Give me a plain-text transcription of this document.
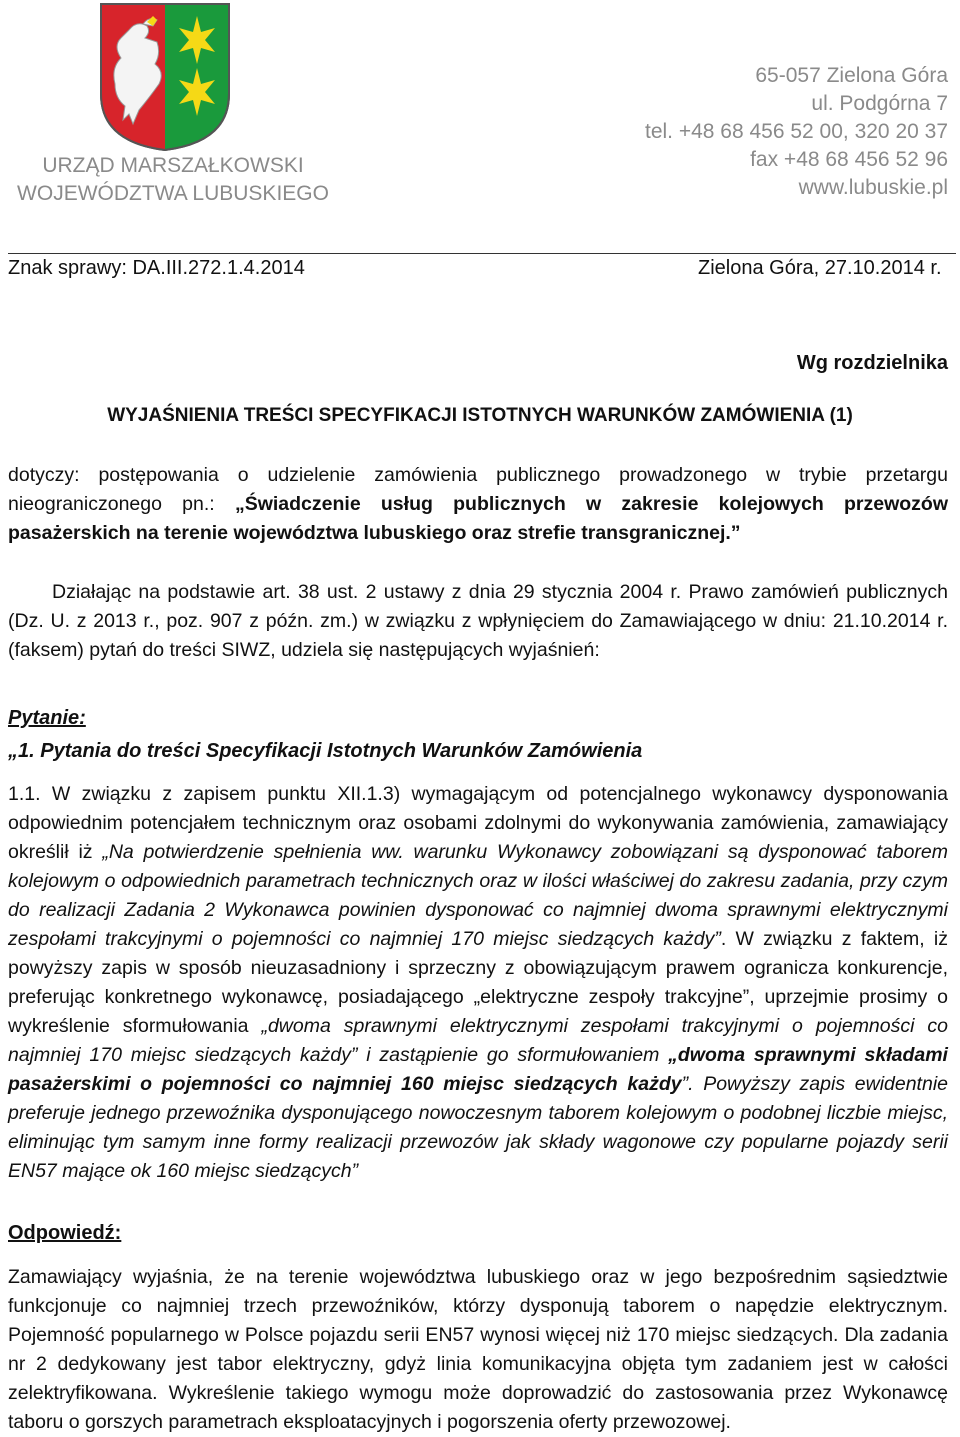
URZĄD MARSZAŁKOWSKI
WOJEWÓDZTWA LUBUSKIEGO
65-057 Zielona Góra
ul. Podgórna 7
tel. +48 68 456 52 00, 320 20 37
fax +48 68 456 52 96
www.lubuskie.pl
Znak sprawy: DA.III.272.1.4.2014	Zielona Góra, 27.10.2014 r.
Wg rozdzielnika
WYJAŚNIENIA TREŚCI SPECYFIKACJI ISTOTNYCH WARUNKÓW ZAMÓWIENIA (1)
dotyczy: postępowania o udzielenie zamówienia publicznego prowadzonego w trybie przetargu nieograniczonego pn.: „Świadczenie usług publicznych w zakresie kolejowych przewozów pasażerskich na terenie województwa lubuskiego oraz strefie transgranicznej.”
Działając na podstawie art. 38 ust. 2 ustawy z dnia 29 stycznia 2004 r. Prawo zamówień publicznych (Dz. U. z 2013 r., poz. 907 z późn. zm.) w związku z wpłynięciem do Zamawiającego w dniu: 21.10.2014 r. (faksem) pytań do treści SIWZ, udziela się następujących wyjaśnień:
Pytanie:
„1. Pytania do treści Specyfikacji Istotnych Warunków Zamówienia
1.1. W związku z zapisem punktu XII.1.3) wymagającym od potencjalnego wykonawcy dysponowania odpowiednim potencjałem technicznym oraz osobami zdolnymi do wykonywania zamówienia, zamawiający określił iż „Na potwierdzenie spełnienia ww. warunku Wykonawcy zobowiązani są dysponować taborem kolejowym o odpowiednich parametrach technicznych oraz w ilości właściwej do zakresu zadania, przy czym do realizacji Zadania 2 Wykonawca powinien dysponować co najmniej dwoma sprawnymi elektrycznymi zespołami trakcyjnymi o pojemności co najmniej 170 miejsc siedzących każdy”. W związku z faktem, iż powyższy zapis w sposób nieuzasadniony i sprzeczny z obowiązującym prawem ogranicza konkurencje, preferując konkretnego wykonawcę, posiadającego „elektryczne zespoły trakcyjne”, uprzejmie prosimy o wykreślenie sformułowania „dwoma sprawnymi elektrycznymi zespołami trakcyjnymi o pojemności co najmniej 170 miejsc siedzących każdy” i zastąpienie go sformułowaniem „dwoma sprawnymi składami pasażerskimi o pojemności co najmniej 160 miejsc siedzących każdy”. Powyższy zapis ewidentnie preferuje jednego przewoźnika dysponującego nowoczesnym taborem kolejowym o podobnej liczbie miejsc, eliminując tym samym inne formy realizacji przewozów jak składy wagonowe czy popularne pojazdy serii EN57 mające ok 160 miejsc siedzących”
Odpowiedź:
Zamawiający wyjaśnia, że na terenie województwa lubuskiego oraz w jego bezpośrednim sąsiedztwie funkcjonuje co najmniej trzech przewoźników, którzy dysponują taborem o napędzie elektrycznym. Pojemność popularnego w Polsce pojazdu serii EN57 wynosi więcej niż 170 miejsc siedzących. Dla zadania nr 2 dedykowany jest tabor elektryczny, gdyż linia komunikacyjna objęta tym zadaniem jest w całości zelektryfikowana. Wykreślenie takiego wymogu może doprowadzić do zastosowania przez Wykonawcę taboru o gorszych parametrach eksploatacyjnych i pogorszenia oferty przewozowej.
